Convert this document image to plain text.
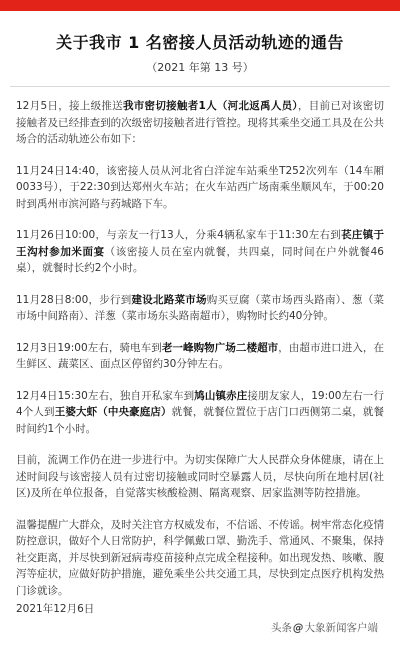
关于我市 1 名密接人员活动轨迹的通告
（2021 年第 13 号）

12月5日，接上级推送我市密切接触者1人（河北返禹人员），目前已对该密切接触者及已经排查到的次级密切接触者进行管控。现将其乘坐交通工具及在公共场合的活动轨迹公布如下：

11月24日14:40，该密接人员从河北省白洋淀车站乘坐T252次列车（14车厢0033号），于22:30到达郑州火车站；在火车站西广场南乘坐顺风车，于00:20时到禹州市滨河路与药城路下车。

11月26日10:00，与亲友一行13人，分乘4辆私家车于11:30左右到苌庄镇于王沟村参加米面宴（该密接人员在室内就餐，共四桌，同时间在户外就餐46桌），就餐时长约2个小时。

11月28日8:00，步行到建设北路菜市场购买豆腐（菜市场西头路南）、葱（菜市场中间路南）、洋葱（菜市场东头路南超市），购物时长约40分钟。

12月3日19:00左右，骑电车到老一峰购物广场二楼超市，由超市进口进入，在生鲜区、蔬菜区、面点区停留约30分钟左右。

12月4日15:30左右，独自开私家车到鸠山镇赤庄接朋友家人，19:00左右一行4个人到王婆大虾（中央豪庭店）就餐，就餐位置位于店门口西侧第二桌，就餐时间约1个小时。

目前，流调工作仍在进一步进行中。为切实保障广大人民群众身体健康，请在上述时间段与该密接人员有过密切接触或同时空暴露人员，尽快向所在地村居(社区)及所在单位报备，自觉落实核酸检测、隔离观察、居家监测等防控措施。

温馨提醒广大群众，及时关注官方权威发布，不信谣、不传谣。树牢常态化疫情防控意识，做好个人日常防护，科学佩戴口罩、勤洗手、常通风、不聚集，保持社交距离，并尽快到新冠病毒疫苗接种点完成全程接种。如出现发热、咳嗽、腹泻等症状，应做好防护措施，避免乘坐公共交通工具，尽快到定点医疗机构发热门诊就诊。

2021年12月6日
头条 @ 大象新闻客户端
